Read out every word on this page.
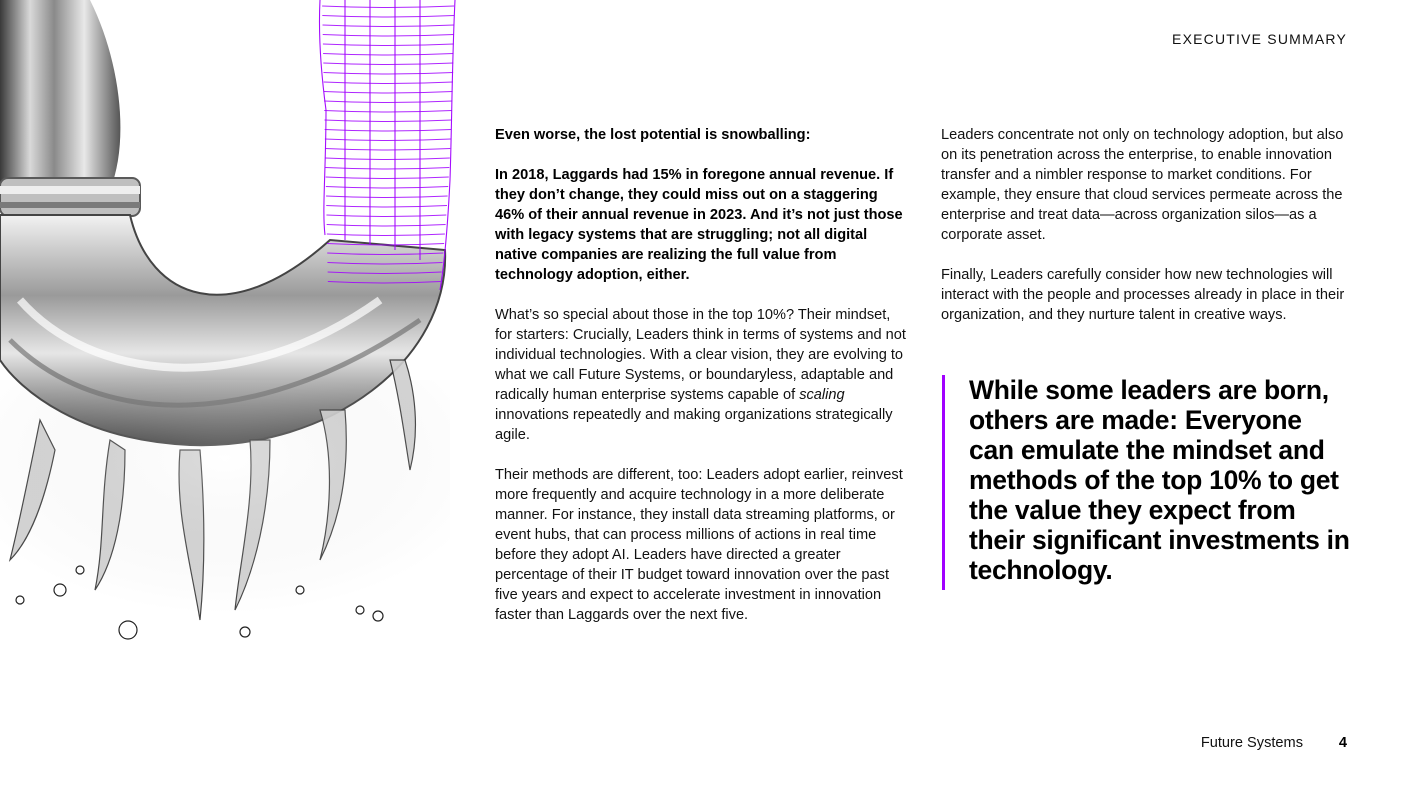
EXECUTIVE SUMMARY

Even worse, the lost potential is snowballing:

In 2018, Laggards had 15% in foregone annual revenue. If they don’t change, they could miss out on a staggering 46% of their annual revenue in 2023. And it’s not just those with legacy systems that are struggling; not all digital native companies are realizing the full value from technology adoption, either.

What’s so special about those in the top 10%? Their mindset, for starters: Crucially, Leaders think in terms of systems and not individual technologies. With a clear vision, they are evolving to what we call Future Systems, or boundaryless, adaptable and radically human enterprise systems capable of scaling innovations repeatedly and making organizations strategically agile.

Their methods are different, too: Leaders adopt earlier, reinvest more frequently and acquire technology in a more deliberate manner. For instance, they install data streaming platforms, or event hubs, that can process millions of actions in real time before they adopt AI. Leaders have directed a greater percentage of their IT budget toward innovation over the past five years and expect to accelerate investment in innovation faster than Laggards over the next five.

Leaders concentrate not only on technology adoption, but also on its penetration across the enterprise, to enable innovation transfer and a nimbler response to market conditions. For example, they ensure that cloud services permeate across the enterprise and treat data—across organization silos—as a corporate asset.

Finally, Leaders carefully consider how new technologies will interact with the people and processes already in place in their organization, and they nurture talent in creative ways.

While some leaders are born, others are made: Everyone can emulate the mindset and methods of the top 10% to get the value they expect from their significant investments in technology.
Future Systems 4
